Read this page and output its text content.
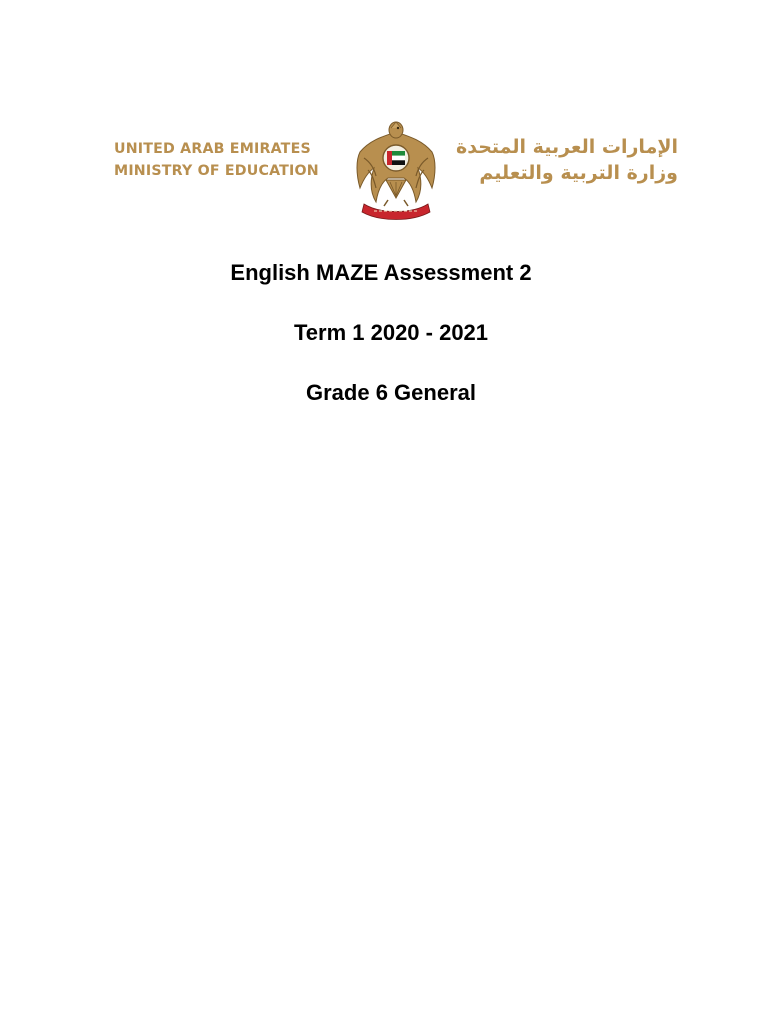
UNITED ARAB EMIRATES
MINISTRY OF EDUCATION
الإمارات العربية المتحدة
وزارة التربية والتعليم
English MAZE Assessment 2
Term 1 2020 - 2021
Grade 6 General
